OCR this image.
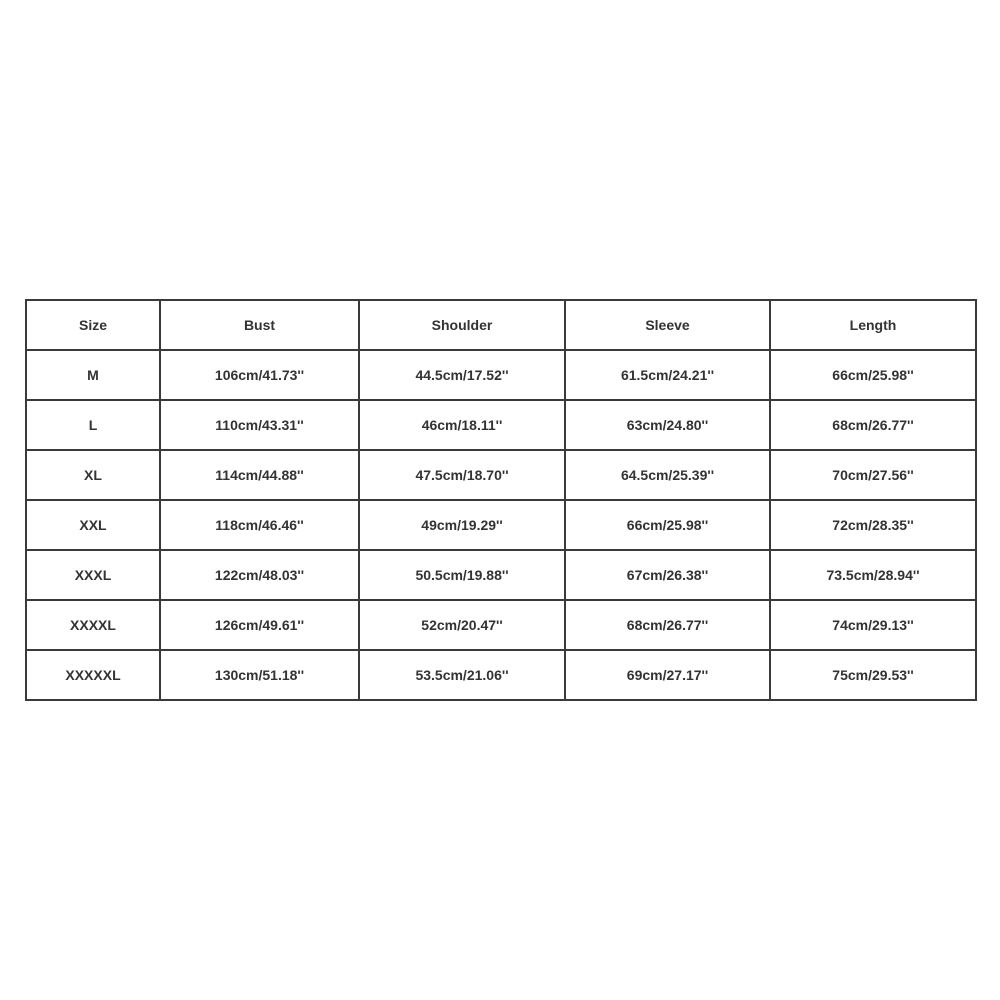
Size	Bust	Shoulder	Sleeve	Length
M	106cm/41.73''	44.5cm/17.52''	61.5cm/24.21''	66cm/25.98''
L	110cm/43.31''	46cm/18.11''	63cm/24.80''	68cm/26.77''
XL	114cm/44.88''	47.5cm/18.70''	64.5cm/25.39''	70cm/27.56''
XXL	118cm/46.46''	49cm/19.29''	66cm/25.98''	72cm/28.35''
XXXL	122cm/48.03''	50.5cm/19.88''	67cm/26.38''	73.5cm/28.94''
XXXXL	126cm/49.61''	52cm/20.47''	68cm/26.77''	74cm/29.13''
XXXXXL	130cm/51.18''	53.5cm/21.06''	69cm/27.17''	75cm/29.53''
